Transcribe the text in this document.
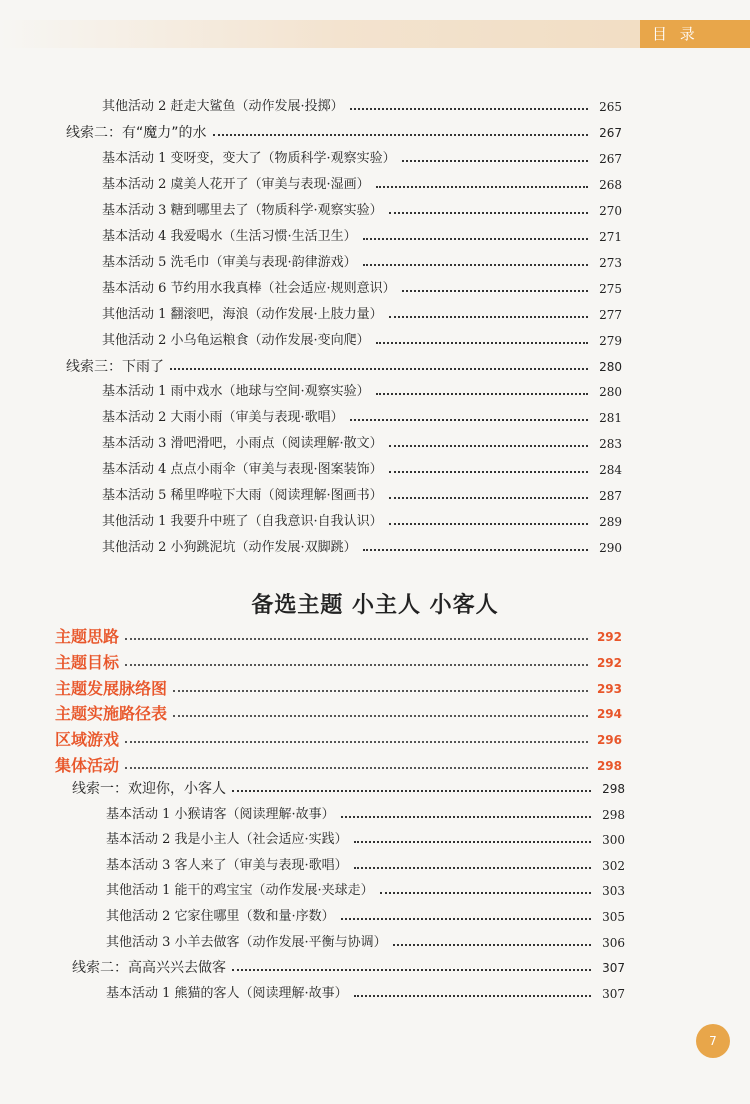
目 录
其他活动 2 赶走大鲨鱼（动作发展·投掷）	265
线索二：有“魔力”的水	267
基本活动 1 变呀变，变大了（物质科学·观察实验）	267
基本活动 2 虞美人花开了（审美与表现·湿画）	268
基本活动 3 糖到哪里去了（物质科学·观察实验）	270
基本活动 4 我爱喝水（生活习惯·生活卫生）	271
基本活动 5 洗毛巾（审美与表现·韵律游戏）	273
基本活动 6 节约用水我真棒（社会适应·规则意识）	275
其他活动 1 翻滚吧，海浪（动作发展·上肢力量）	277
其他活动 2 小乌龟运粮食（动作发展·变向爬）	279
线索三：下雨了	280
基本活动 1 雨中戏水（地球与空间·观察实验）	280
基本活动 2 大雨小雨（审美与表现·歌唱）	281
基本活动 3 滑吧滑吧，小雨点（阅读理解·散文）	283
基本活动 4 点点小雨伞（审美与表现·图案装饰）	284
基本活动 5 稀里哗啦下大雨（阅读理解·图画书）	287
其他活动 1 我要升中班了（自我意识·自我认识）	289
其他活动 2 小狗跳泥坑（动作发展·双脚跳）	290
主题思路	292
主题目标	292
主题发展脉络图	293
主题实施路径表	294
区域游戏	296
集体活动	298
线索一：欢迎你，小客人	298
基本活动 1 小猴请客（阅读理解·故事）	298
基本活动 2 我是小主人（社会适应·实践）	300
基本活动 3 客人来了（审美与表现·歌唱）	302
其他活动 1 能干的鸡宝宝（动作发展·夹球走）	303
其他活动 2 它家住哪里（数和量·序数）	305
其他活动 3 小羊去做客（动作发展·平衡与协调）	306
线索二：高高兴兴去做客	307
基本活动 1 熊猫的客人（阅读理解·故事）	307
备选主题 小主人 小客人
7
